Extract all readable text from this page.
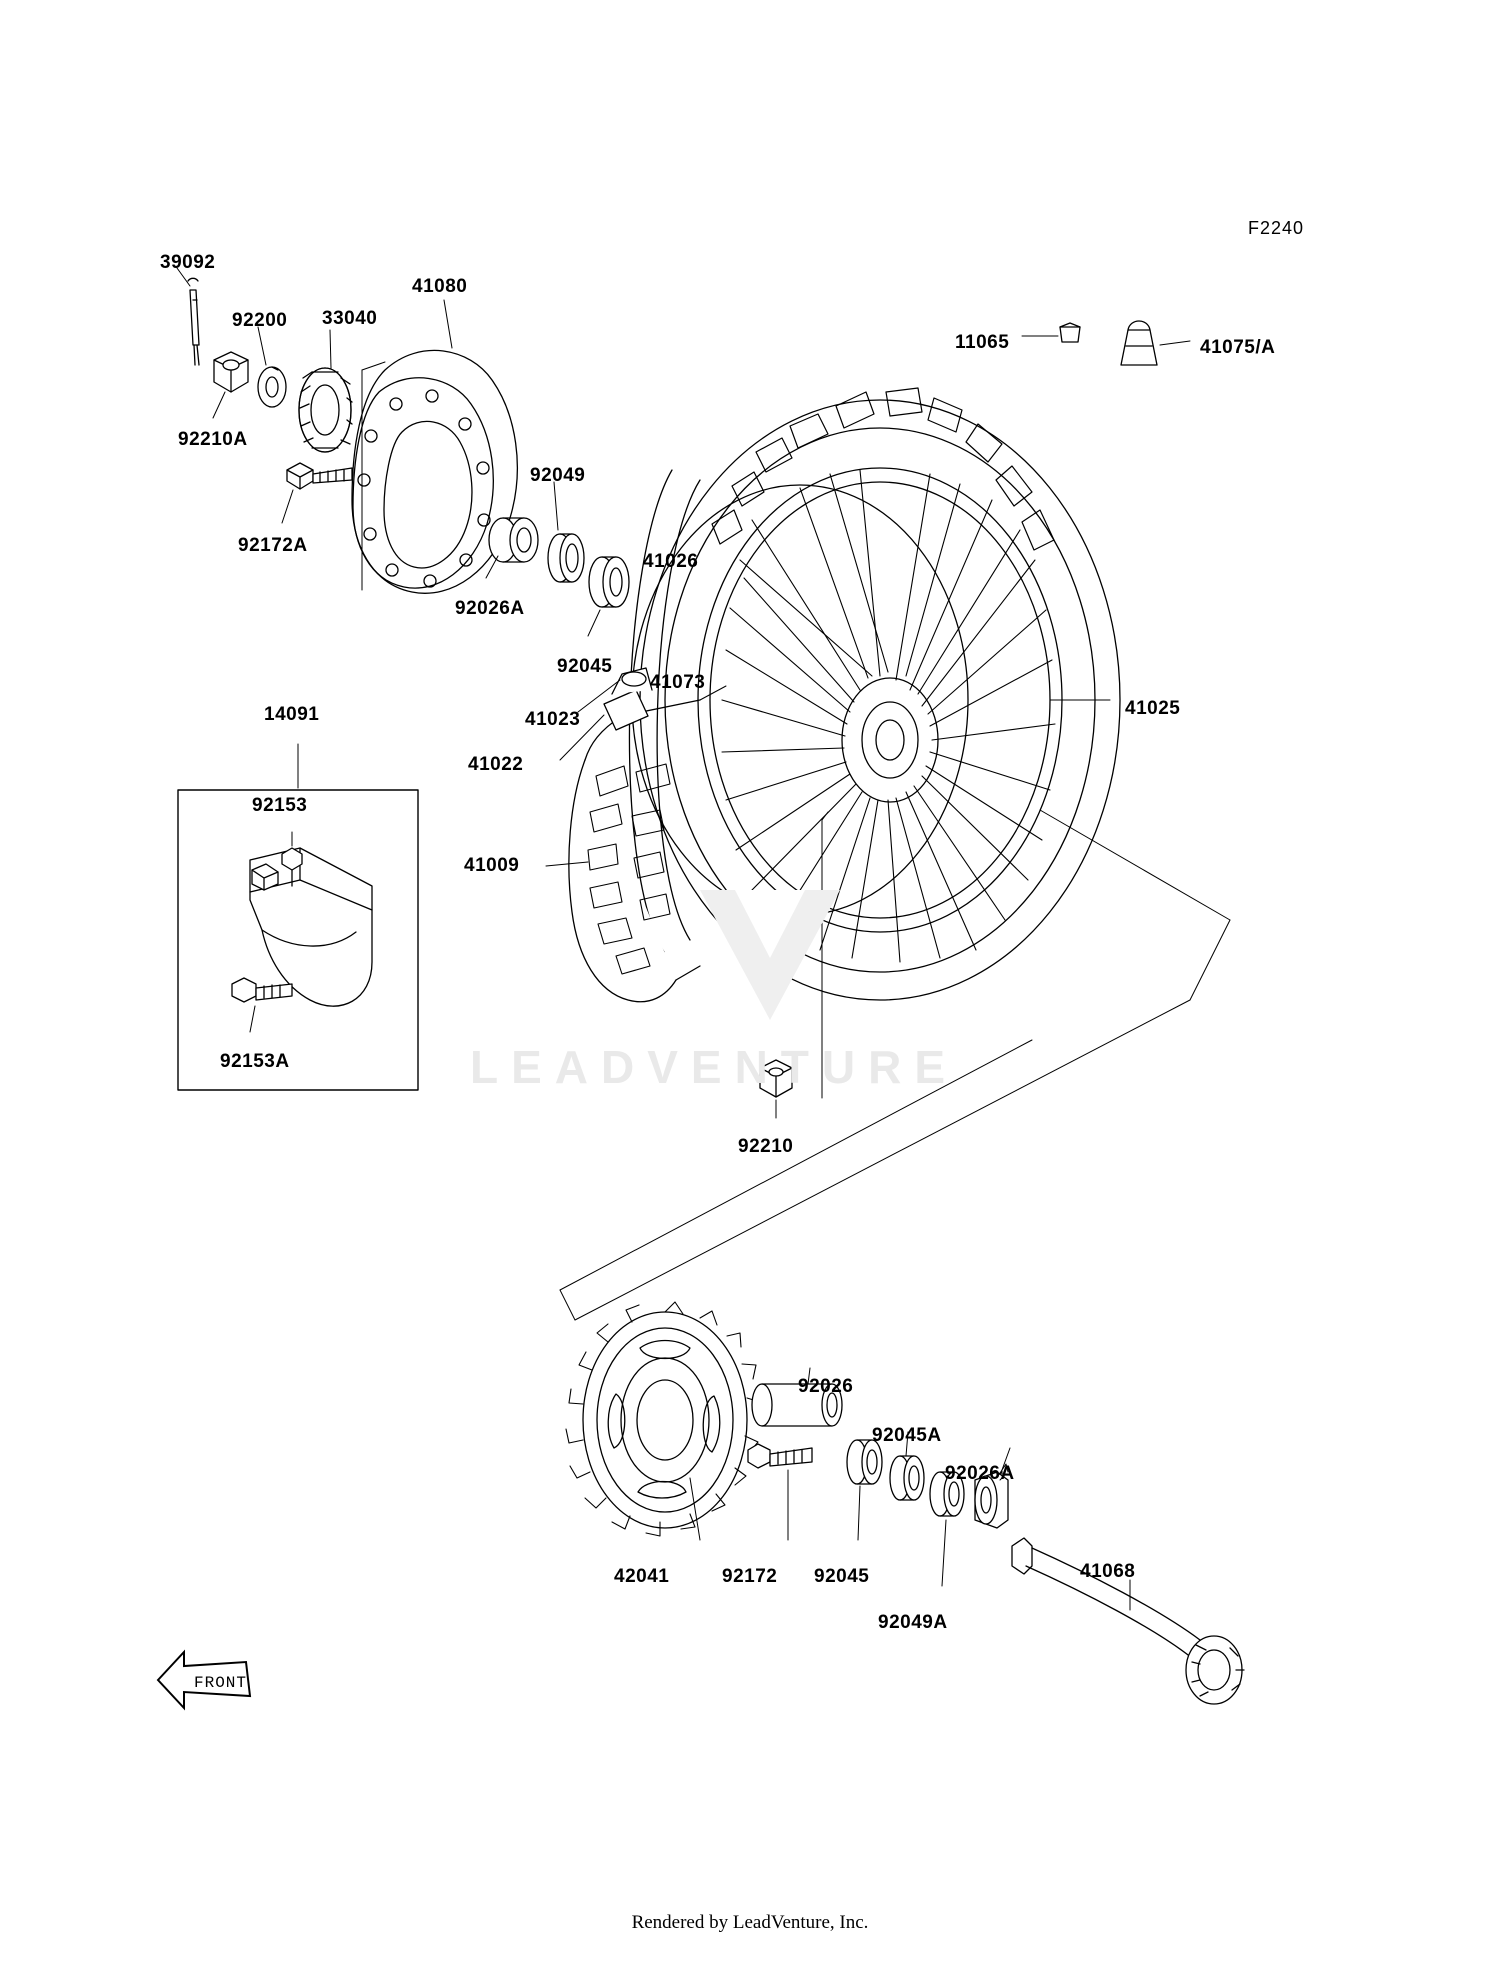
LEADVENTURE
FRONT
39092
92200 33040
41080
92210A
92172A
92049
92026A
41026
92045
11065	41075/A
41025
41073
41023
41022
41009
14091
92153
92153A
92210
92026
92045A
92026A
42041	92172 92045
92049A
41068
F2240
Rendered by LeadVenture, Inc.
